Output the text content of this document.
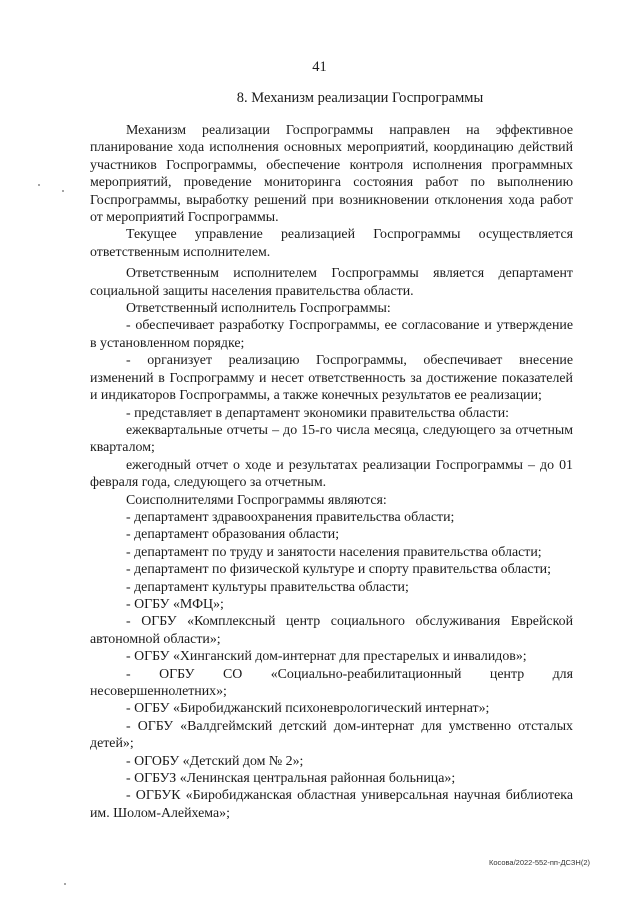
41
8. Механизм реализации Госпрограммы

Механизм реализации Госпрограммы направлен на эффективное планирование хода исполнения основных мероприятий, координацию действий участников Госпрограммы, обеспечение контроля исполнения программных мероприятий, проведение мониторинга состояния работ по выполнению Госпрограммы, выработку решений при возникновении отклонения хода работ от мероприятий Госпрограммы.

Текущее управление реализацией Госпрограммы осуществляется ответственным исполнителем.

Ответственным исполнителем Госпрограммы является департамент социальной защиты населения правительства области.

Ответственный исполнитель Госпрограммы:

- обеспечивает разработку Госпрограммы, ее согласование и утверждение в установленном порядке;

- организует реализацию Госпрограммы, обеспечивает внесение изменений в Госпрограмму и несет ответственность за достижение показателей и индикаторов Госпрограммы, а также конечных результатов ее реализации;

- представляет в департамент экономики правительства области:

ежеквартальные отчеты – до 15-го числа месяца, следующего за отчетным кварталом;

ежегодный отчет о ходе и результатах реализации Госпрограммы – до 01 февраля года, следующего за отчетным.

Соисполнителями Госпрограммы являются:

- департамент здравоохранения правительства области;

- департамент образования области;

- департамент по труду и занятости населения правительства области;

- департамент по физической культуре и спорту правительства области;

- департамент культуры правительства области;

- ОГБУ «МФЦ»;

- ОГБУ «Комплексный центр социального обслуживания Еврейской автономной области»;

- ОГБУ «Хинганский дом-интернат для престарелых и инвалидов»;

- ОГБУ СО «Социально-реабилитационный центр для несовершеннолетних»;

- ОГБУ «Биробиджанский психоневрологический интернат»;

- ОГБУ «Валдгеймский детский дом-интернат для умственно отсталых детей»;

- ОГОБУ «Детский дом № 2»;

- ОГБУЗ «Ленинская центральная районная больница»;

- ОГБУК «Биробиджанская областная универсальная научная библиотека им. Шолом-Алейхема»;

Косова/2022-552-пп-ДСЗН(2)
